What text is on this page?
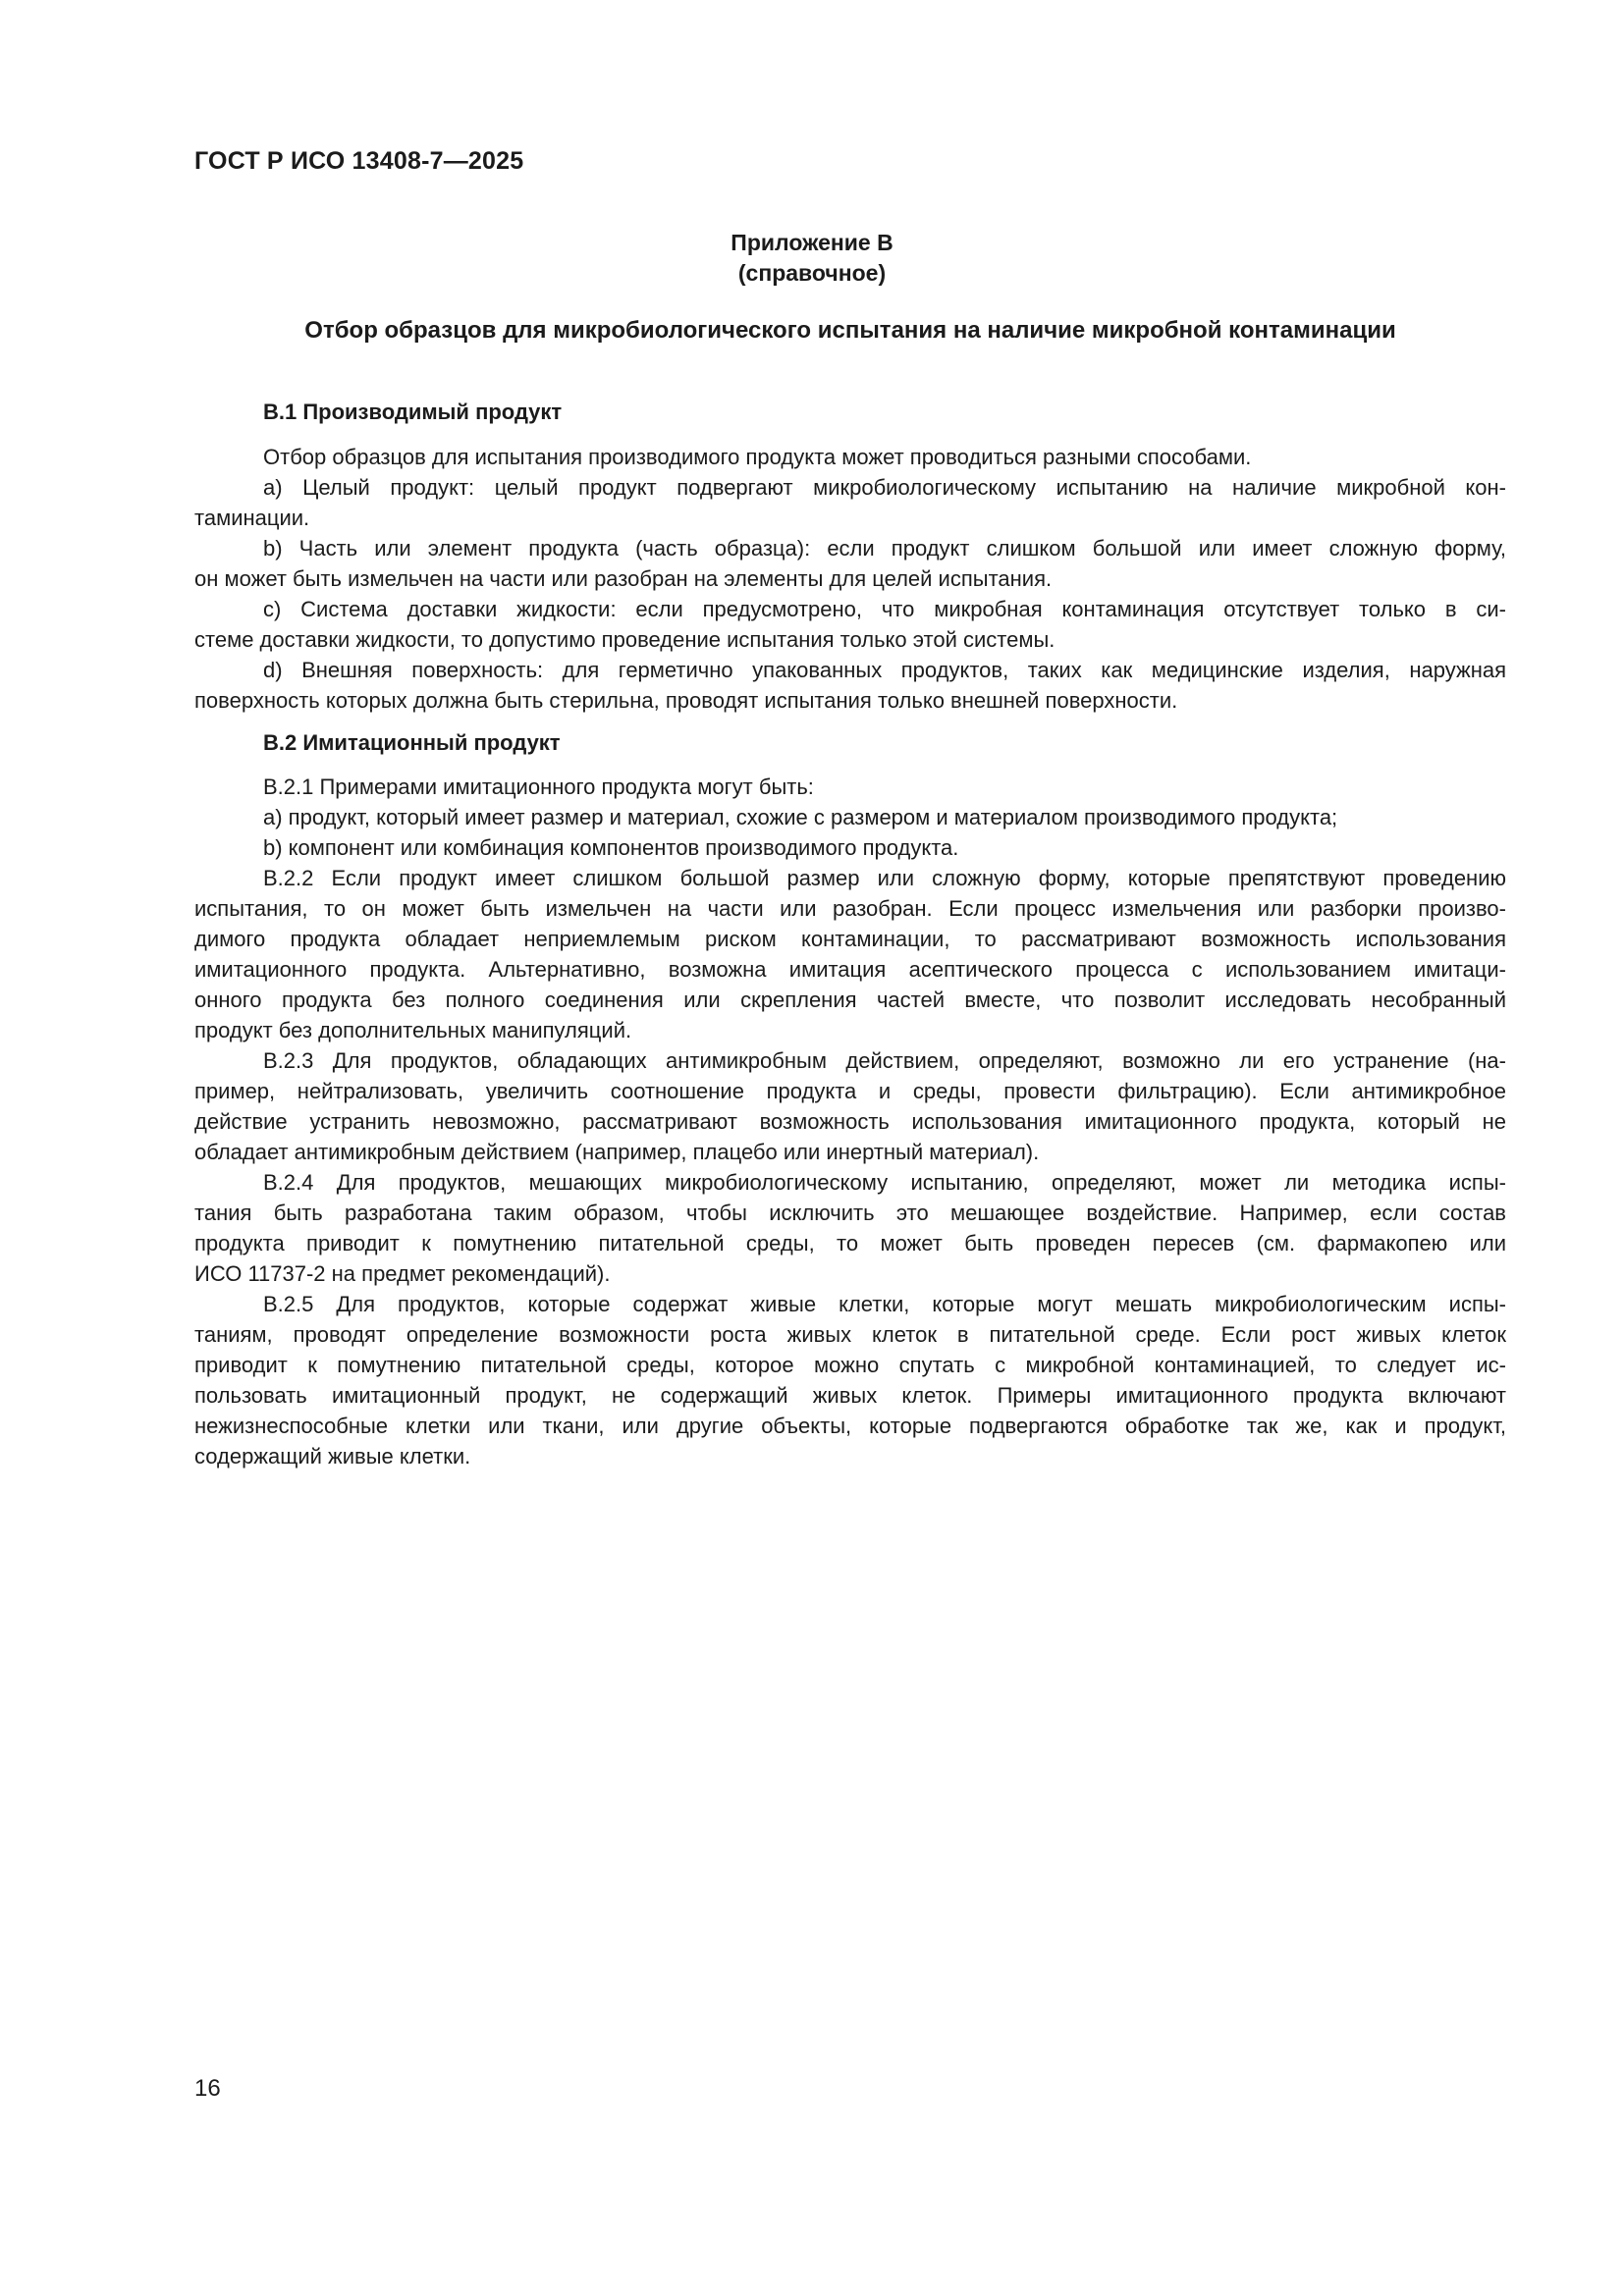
ГОСТ Р ИСО 13408-7—2025
Приложение В
(справочное)
Отбор образцов для микробиологического испытания на наличие микробной контаминации
В.1 Производимый продукт
Отбор образцов для испытания производимого продукта может проводиться разными способами.
a) Целый продукт: целый продукт подвергают микробиологическому испытанию на наличие микробной кон-
таминации.
b) Часть или элемент продукта (часть образца): если продукт слишком большой или имеет сложную форму,
он может быть измельчен на части или разобран на элементы для целей испытания.
c) Система доставки жидкости: если предусмотрено, что микробная контаминация отсутствует только в си-
стеме доставки жидкости, то допустимо проведение испытания только этой системы.
d) Внешняя поверхность: для герметично упакованных продуктов, таких как медицинские изделия, наружная
поверхность которых должна быть стерильна, проводят испытания только внешней поверхности.
В.2 Имитационный продукт
В.2.1 Примерами имитационного продукта могут быть:
a) продукт, который имеет размер и материал, схожие с размером и материалом производимого продукта;
b) компонент или комбинация компонентов производимого продукта.
В.2.2 Если продукт имеет слишком большой размер или сложную форму, которые препятствуют проведению
испытания, то он может быть измельчен на части или разобран. Если процесс измельчения или разборки произво-
димого продукта обладает неприемлемым риском контаминации, то рассматривают возможность использования
имитационного продукта. Альтернативно, возможна имитация асептического процесса с использованием имитаци-
онного продукта без полного соединения или скрепления частей вместе, что позволит исследовать несобранный
продукт без дополнительных манипуляций.
В.2.3 Для продуктов, обладающих антимикробным действием, определяют, возможно ли его устранение (на-
пример, нейтрализовать, увеличить соотношение продукта и среды, провести фильтрацию). Если антимикробное
действие устранить невозможно, рассматривают возможность использования имитационного продукта, который не
обладает антимикробным действием (например, плацебо или инертный материал).
В.2.4 Для продуктов, мешающих микробиологическому испытанию, определяют, может ли методика испы-
тания быть разработана таким образом, чтобы исключить это мешающее воздействие. Например, если состав
продукта приводит к помутнению питательной среды, то может быть проведен пересев (см. фармакопею или
ИСО 11737-2 на предмет рекомендаций).
В.2.5 Для продуктов, которые содержат живые клетки, которые могут мешать микробиологическим испы-
таниям, проводят определение возможности роста живых клеток в питательной среде. Если рост живых клеток
приводит к помутнению питательной среды, которое можно спутать с микробной контаминацией, то следует ис-
пользовать имитационный продукт, не содержащий живых клеток. Примеры имитационного продукта включают
нежизнеспособные клетки или ткани, или другие объекты, которые подвергаются обработке так же, как и продукт,
содержащий живые клетки.
16
